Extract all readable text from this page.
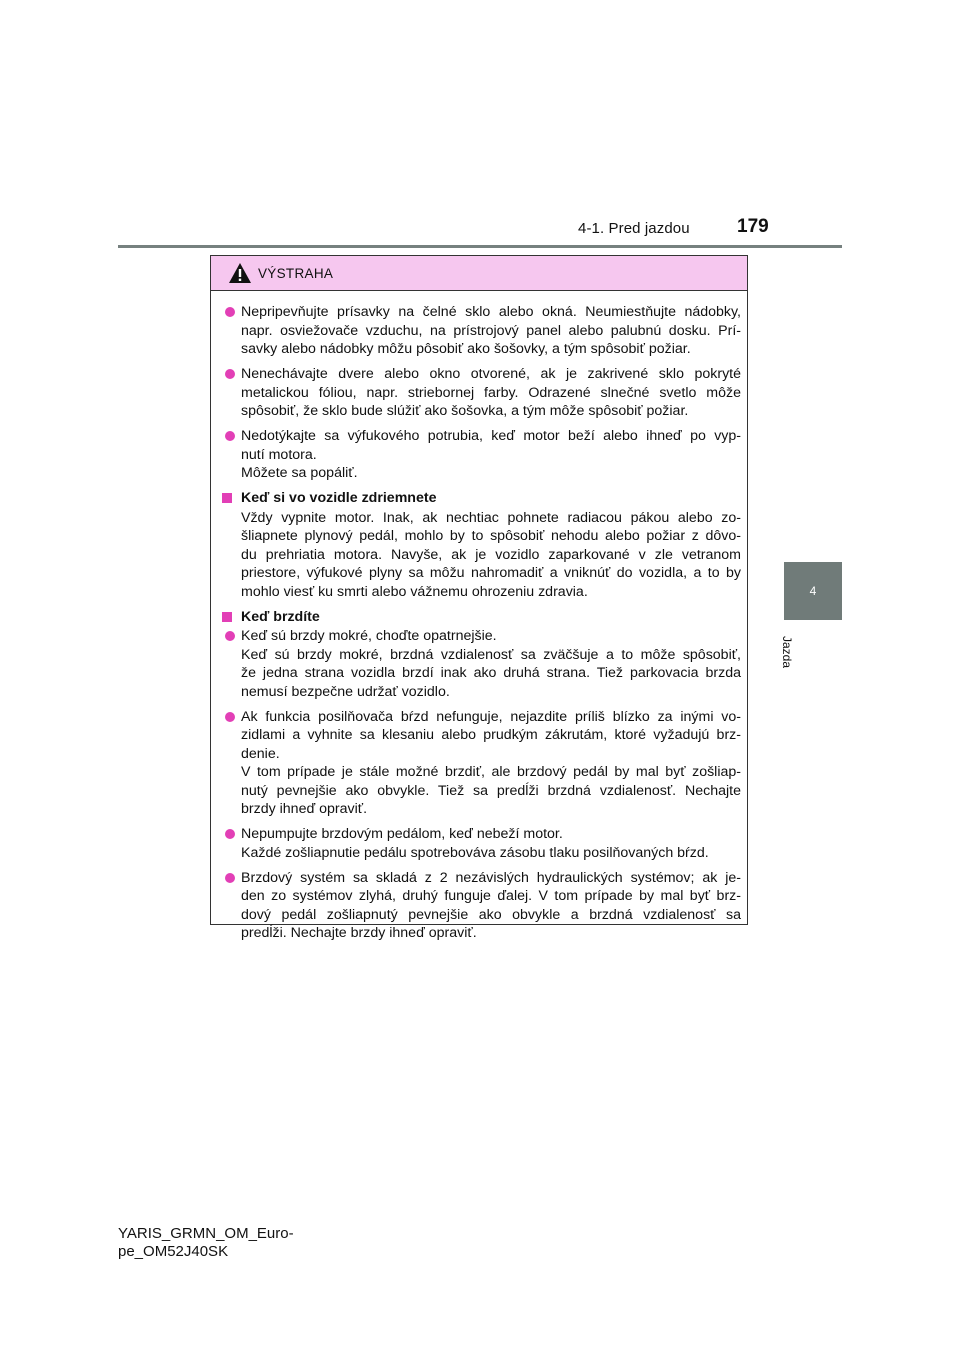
4-1. Pred jazdou 179
4
Jazda
VÝSTRAHA
Nepripevňujte prísavky na čelné sklo alebo okná. Neumiestňujte nádobky,
napr. osviežovače vzduchu, na prístrojový panel alebo palubnú dosku. Prí-
savky alebo nádobky môžu pôsobiť ako šošovky, a tým spôsobiť požiar.
Nenechávajte dvere alebo okno otvorené, ak je zakrivené sklo pokryté
metalickou fóliou, napr. striebornej farby. Odrazené slnečné svetlo môže
spôsobiť, že sklo bude slúžiť ako šošovka, a tým môže spôsobiť požiar.
Nedotýkajte sa výfukového potrubia, keď motor beží alebo ihneď po vyp-
nutí motora.
Môžete sa popáliť.
Keď si vo vozidle zdriemnete
Vždy vypnite motor. Inak, ak nechtiac pohnete radiacou pákou alebo zo-
šliapnete plynový pedál, mohlo by to spôsobiť nehodu alebo požiar z dôvo-
du prehriatia motora. Navyše, ak je vozidlo zaparkované v zle vetranom
priestore, výfukové plyny sa môžu nahromadiť a vniknúť do vozidla, a to by
mohlo viesť ku smrti alebo vážnemu ohrozeniu zdravia.
Keď brzdíte
Keď sú brzdy mokré, choďte opatrnejšie.
Keď sú brzdy mokré, brzdná vzdialenosť sa zväčšuje a to môže spôsobiť,
že jedna strana vozidla brzdí inak ako druhá strana. Tiež parkovacia brzda
nemusí bezpečne udržať vozidlo.
Ak funkcia posilňovača bŕzd nefunguje, nejazdite príliš blízko za inými vo-
zidlami a vyhnite sa klesaniu alebo prudkým zákrutám, ktoré vyžadujú brz-
denie.
V tom prípade je stále možné brzdiť, ale brzdový pedál by mal byť zošliap-
nutý pevnejšie ako obvykle. Tiež sa predĺži brzdná vzdialenosť. Nechajte
brzdy ihneď opraviť.
Nepumpujte brzdovým pedálom, keď nebeží motor.
Každé zošliapnutie pedálu spotrebováva zásobu tlaku posilňovaných bŕzd.
Brzdový systém sa skladá z 2 nezávislých hydraulických systémov; ak je-
den zo systémov zlyhá, druhý funguje ďalej. V tom prípade by mal byť brz-
dový pedál zošliapnutý pevnejšie ako obvykle a brzdná vzdialenosť sa
predĺži. Nechajte brzdy ihneď opraviť.
YARIS_GRMN_OM_Euro-
pe_OM52J40SK
